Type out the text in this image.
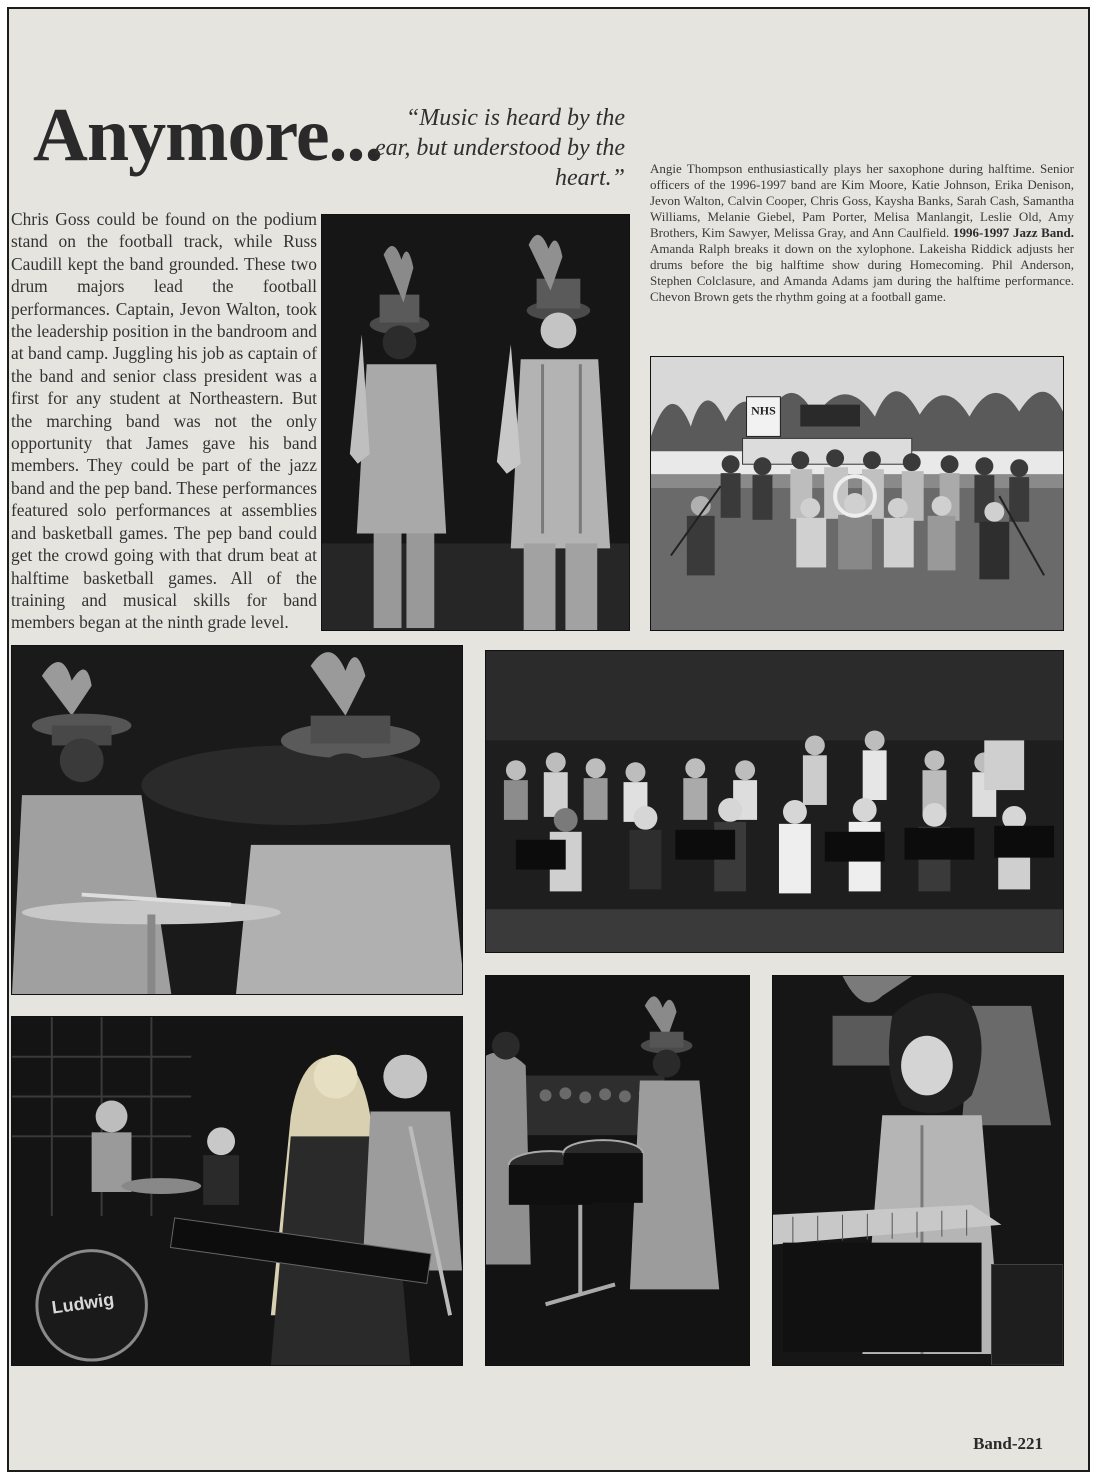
Anymore... “Music is heard by the ear, but understood by the heart.”
Chris Goss could be found on the podium stand on the football track, while Russ Caudill kept the band grounded. These two drum majors lead the football performances. Captain, Jevon Walton, took the leadership position in the bandroom and at band camp. Juggling his job as captain of the band and senior class president was a first for any student at Northeastern. But the marching band was not the only opportunity that James gave his band members. They could be part of the jazz band and the pep band. These performances featured solo performances at assemblies and basketball games. The pep band could get the crowd going with that drum beat at halftime basketball games. All of the training and musical skills for band members began at the ninth grade level.
Angie Thompson enthusiastically plays her saxophone during halftime. Senior officers of the 1996-1997 band are Kim Moore, Katie Johnson, Erika Denison, Jevon Walton, Calvin Cooper, Chris Goss, Kaysha Banks, Sarah Cash, Samantha Williams, Melanie Giebel, Pam Porter, Melisa Manlangit, Leslie Old, Amy Brothers, Kim Sawyer, Melissa Gray, and Ann Caulfield. 1996-1997 Jazz Band. Amanda Ralph breaks it down on the xylophone. Lakeisha Riddick adjusts her drums before the big halftime show during Homecoming. Phil Anderson, Stephen Colclasure, and Amanda Adams jam during the halftime performance. Chevon Brown gets the rhythm going at a football game.
NHS
Ludwig
Band-221
